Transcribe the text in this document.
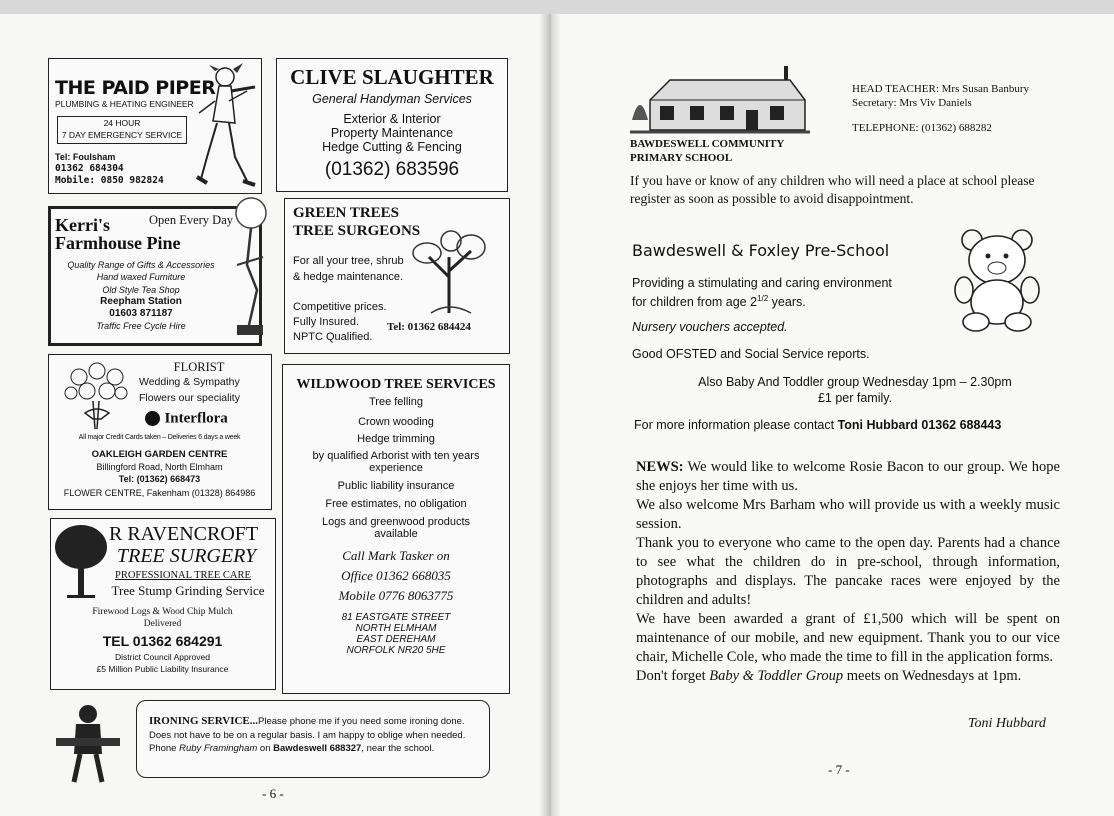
THE PAID PIPER
PLUMBING & HEATING ENGINEER
24 HOUR
7 DAY EMERGENCY SERVICE
Tel: Foulsham
01362 684304
Mobile: 0850 982824
CLIVE SLAUGHTER
General Handyman Services
Exterior & Interior
Property Maintenance
Hedge Cutting & Fencing
(01362) 683596
Open Every Day
Kerri's
Farmhouse Pine
Quality Range of Gifts & Accessories
Hand waxed Furniture
Old Style Tea Shop
Reepham Station
01603 871187
Traffic Free Cycle Hire
GREEN TREES
TREE SURGEONS
For all your tree, shrub
& hedge maintenance.
Competitive prices.
Fully Insured.
NPTC Qualified.
Tel: 01362 684424
FLORIST
Wedding & Sympathy
Flowers our speciality
Interflora
All major Credit Cards taken – Deliveries 6 days a week
OAKLEIGH GARDEN CENTRE
Billingford Road, North Elmham
Tel: (01362) 668473
FLOWER CENTRE, Fakenham (01328) 864986
WILDWOOD TREE SERVICES
Tree felling
Crown wooding
Hedge trimming
by qualified Arborist with ten years
experience
Public liability insurance
Free estimates, no obligation
Logs and greenwood products
available
Call Mark Tasker on
Office 01362 668035
Mobile 0776 8063775
81 EASTGATE STREET
NORTH ELMHAM
EAST DEREHAM
NORFOLK NR20 5HE
R RAVENCROFT
TREE SURGERY
PROFESSIONAL TREE CARE
Tree Stump Grinding Service
Firewood Logs & Wood Chip Mulch
Delivered
TEL 01362 684291
District Council Approved
£5 Million Public Liability Insurance
IRONING SERVICE...Please phone me if you need some ironing done.
Does not have to be on a regular basis. I am happy to oblige when needed.
Phone Ruby Framingham on Bawdeswell 688327, near the school.
- 6 -
BAWDESWELL COMMUNITY
PRIMARY SCHOOL
HEAD TEACHER: Mrs Susan Banbury
Secretary: Mrs Viv Daniels
TELEPHONE: (01362) 688282
If you have or know of any children who will need a place at school please register as soon as possible to avoid disappointment.
Bawdeswell & Foxley Pre-School
Providing a stimulating and caring environment
for children from age $2^{1/2}$ years.
Nursery vouchers accepted.
Good OFSTED and Social Service reports.
Also Baby And Toddler group Wednesday 1pm – 2.30pm
£1 per family.
For more information please contact Toni Hubbard 01362 688443
NEWS: We would like to welcome Rosie Bacon to our group. We hope she enjoys her time with us.
We also welcome Mrs Barham who will provide us with a weekly music session.
Thank you to everyone who came to the open day. Parents had a chance to see what the children do in pre-school, through information, photographs and displays. The pancake races were enjoyed by the children and adults!
We have been awarded a grant of £1,500 which will be spent on maintenance of our mobile, and new equipment. Thank you to our vice chair, Michelle Cole, who made the time to fill in the application forms.
Don't forget Baby & Toddler Group meets on Wednesdays at 1pm.
Toni Hubbard
- 7 -
